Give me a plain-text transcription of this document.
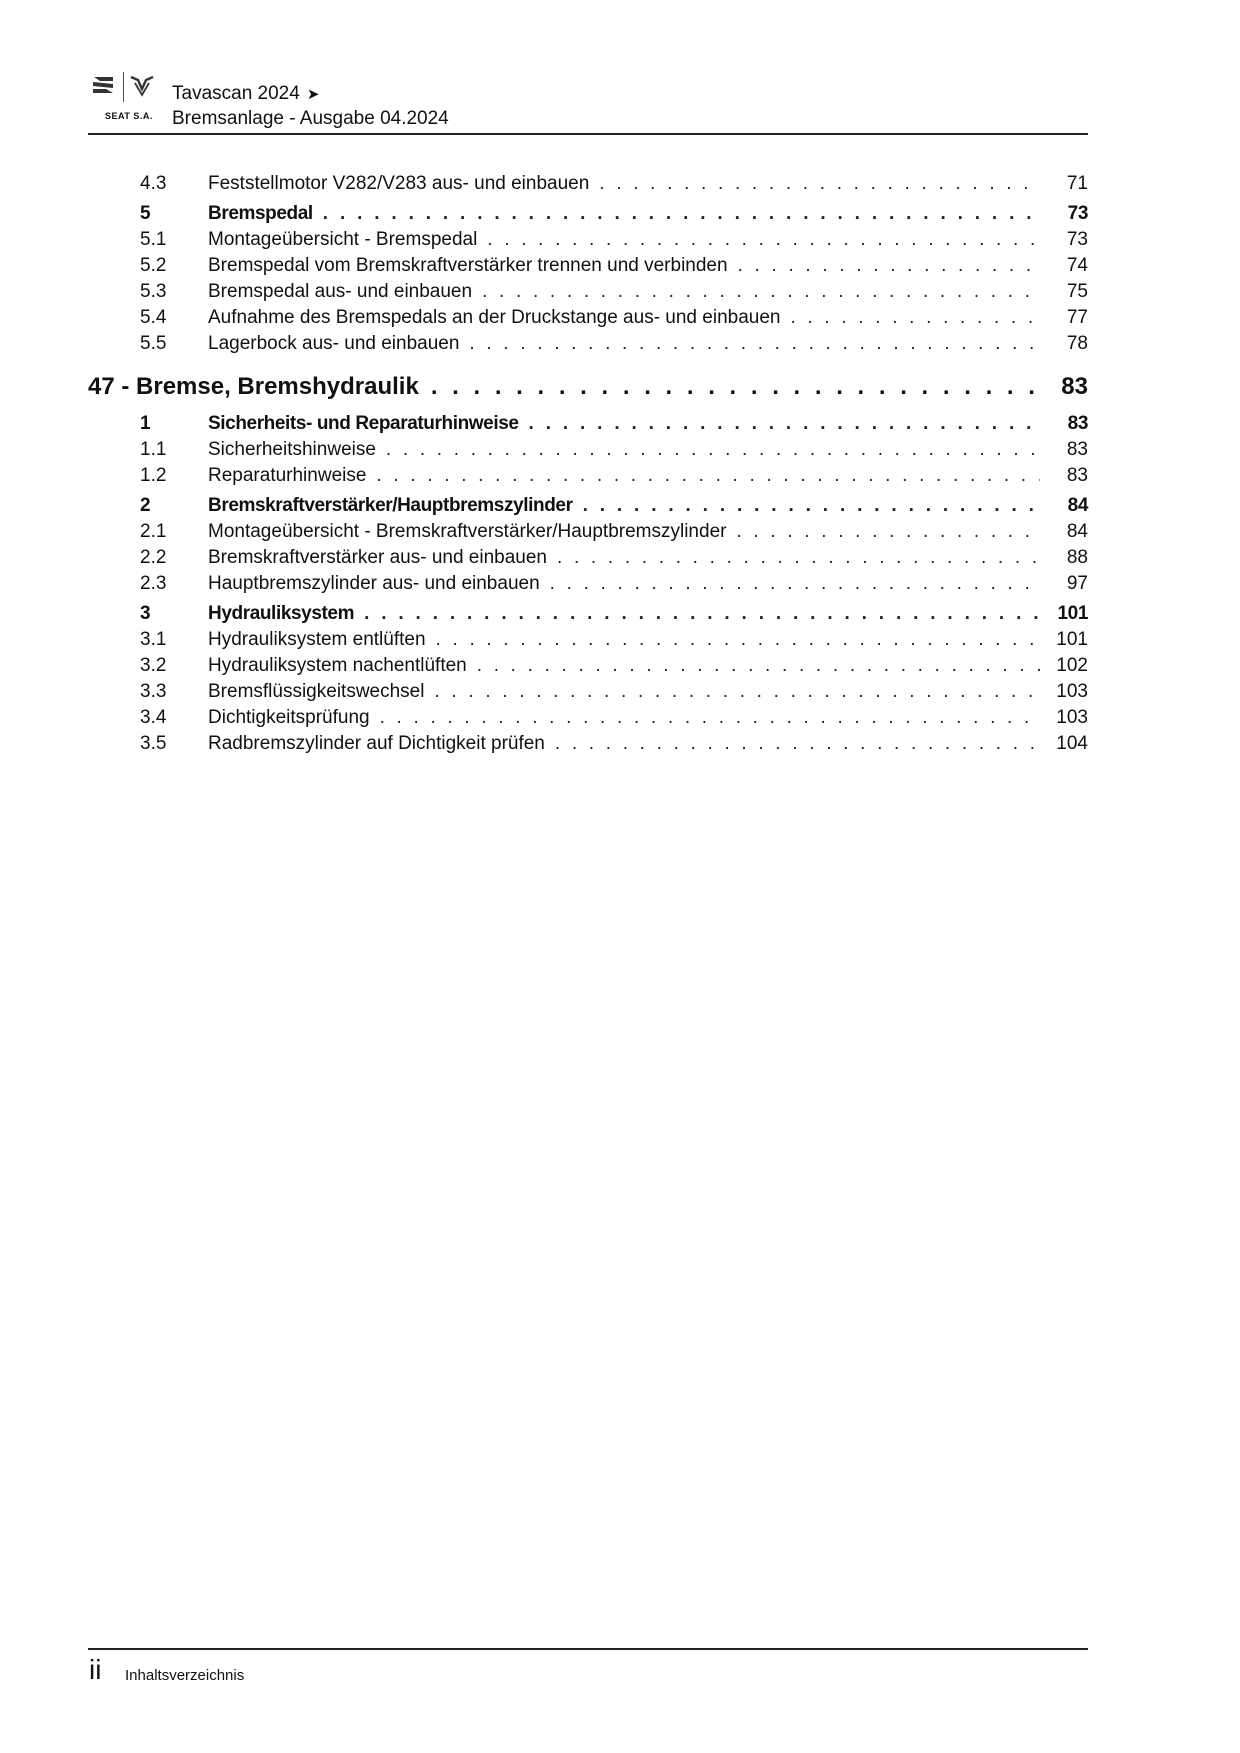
SEAT S.A.
Tavascan 2024 ➤
Bremsanlage - Ausgabe 04.2024
4.3 Feststellmotor V282/V283 aus- und einbauen . . .	71
5	Bremspedal . . .	73
5.1 Montageübersicht - Bremspedal . . .	73
5.2 Bremspedal vom Bremskraftverstärker trennen und verbinden . . .	74
5.3 Bremspedal aus- und einbauen . . .	75
5.4 Aufnahme des Bremspedals an der Druckstange aus- und einbauen . . .	77
5.5 Lagerbock aus- und einbauen . . .	78
47 - Bremse, Bremshydraulik . . .	83
1	Sicherheits- und Reparaturhinweise . . .	83
1.1 Sicherheitshinweise . . .	83
1.2 Reparaturhinweise . . .	83
2	Bremskraftverstärker/Hauptbremszylinder . . .	84
2.1 Montageübersicht - Bremskraftverstärker/Hauptbremszylinder . . .	84
2.2 Bremskraftverstärker aus- und einbauen . . .	88
2.3 Hauptbremszylinder aus- und einbauen . . .	97
3	Hydrauliksystem . . .	101
3.1 Hydrauliksystem entlüften . . .	101
3.2 Hydrauliksystem nachentlüften . . .	102
3.3 Bremsflüssigkeitswechsel . . .	103
3.4 Dichtigkeitsprüfung . . .	103
3.5 Radbremszylinder auf Dichtigkeit prüfen . . .	104
ii Inhaltsverzeichnis
